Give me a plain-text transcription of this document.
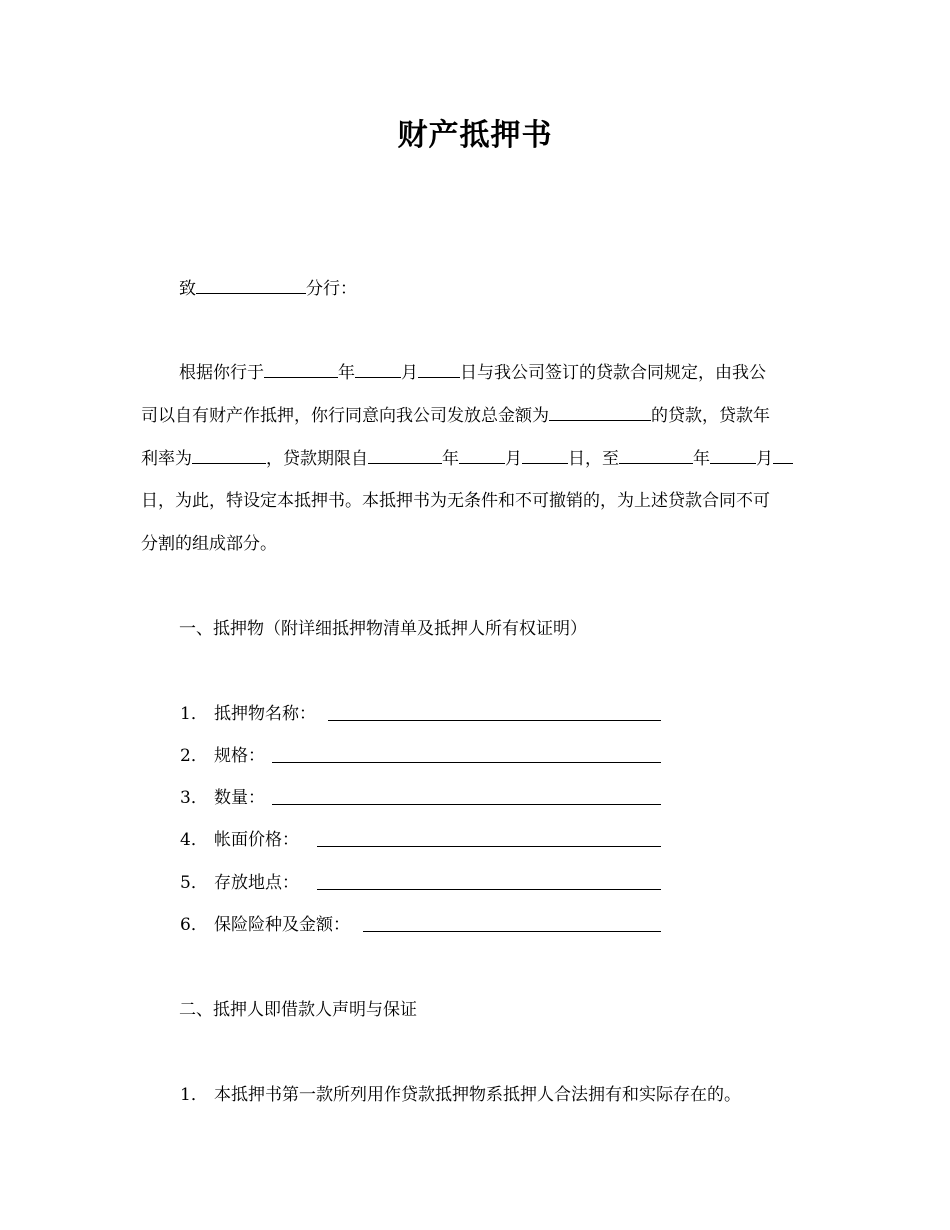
财产抵押书
致	分行：
根据你行于	年	月 日与我公司签订的贷款合同规定，由我公
司以自有财产作抵押，你行同意向我公司发放总金额为	的贷款，贷款年
利率为	，贷款期限自	年	月	日，至	年	月
日，为此，特设定本抵押书。本抵押书为无条件和不可撤销的，为上述贷款合同不可
分割的组成部分。
一、抵押物（附详细抵押物清单及抵押人所有权证明）
1． 抵押物名称：
2． 规格：
3． 数量：
4． 帐面价格：
5． 存放地点：
6． 保险险种及金额：
二、抵押人即借款人声明与保证
1． 本抵押书第一款所列用作贷款抵押物系抵押人合法拥有和实际存在的。
